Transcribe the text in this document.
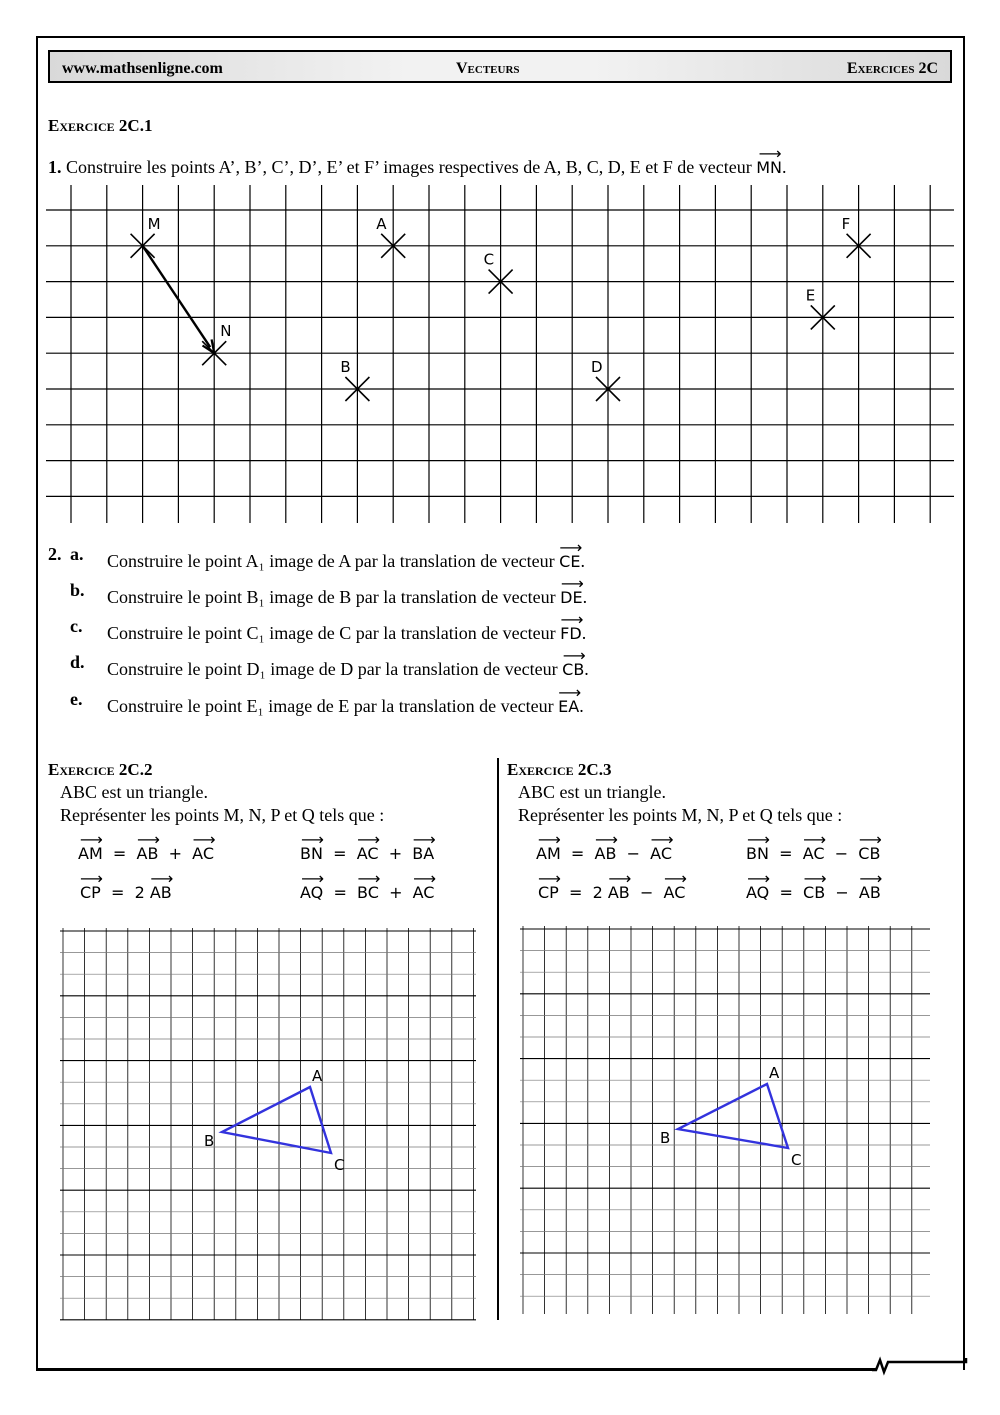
www.mathsenligne.com	Vecteurs	Exercices 2C
Exercice 2C.1
1. Construire les points A’, B’, C’, D’, E’ et F’ images respectives de A, B, C, D, E et F de vecteur ⟶ MN.
M
N
A
B
C
D
E
F
2. a. Construire le point A₁ image de A par la translation de vecteur ⟶ CE.
b. Construire le point B₁ image de B par la translation de vecteur ⟶ DE.
c. Construire le point C₁ image de C par la translation de vecteur ⟶ FD.
d. Construire le point D₁ image de D par la translation de vecteur ⟶ CB.
e. Construire le point E₁ image de E par la translation de vecteur ⟶ EA.
Exercice 2C.2
ABC est un triangle.
Représenter les points M, N, P et Q tels que :
⟶ AM = ⟶ AB + ⟶ AC	⟶ BN = ⟶ AC + ⟶ BA
⟶ CP = 2 ⟶ AB	⟶ AQ = ⟶ BC + ⟶ AC
A
B
C
Exercice 2C.3
ABC est un triangle.
Représenter les points M, N, P et Q tels que :
⟶ AM = ⟶ AB − ⟶ AC	⟶ BN = ⟶ AC − ⟶ CB
⟶ CP = 2 ⟶ AB − ⟶ AC	⟶ AQ = ⟶ CB − ⟶ AB
A
B
C
